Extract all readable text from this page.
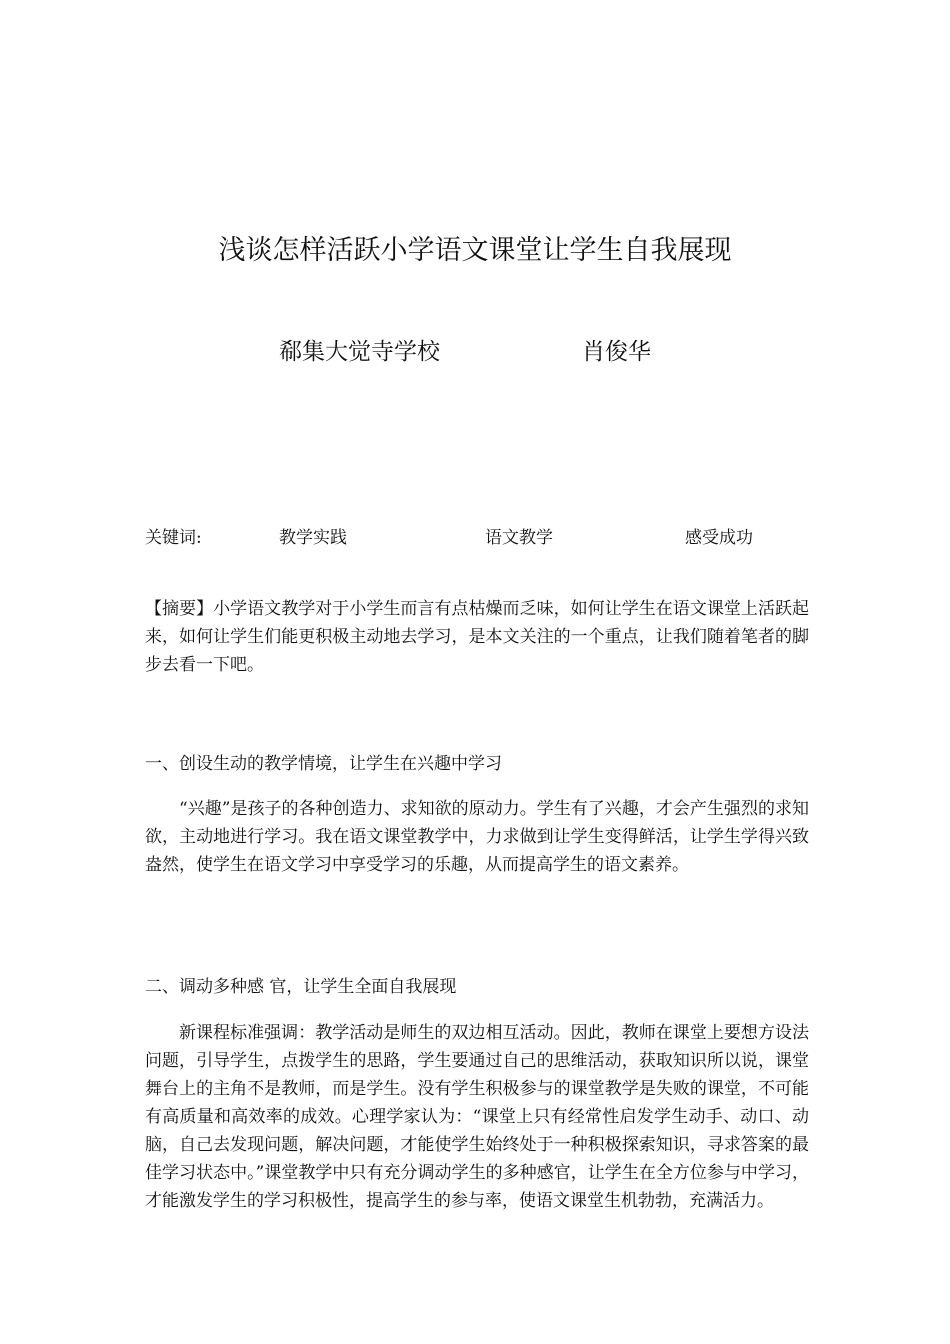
浅谈怎样活跃小学语文课堂让学生自我展现
郗集大觉寺学校	肖俊华
关键词:	教学实践	语文教学	感受成功

【摘要】小学语文教学对于小学生而言有点枯燥而乏味，如何让学生在语文课堂上活跃起来，如何让学生们能更积极主动地去学习，是本文关注的一个重点，让我们随着笔者的脚步去看一下吧。

一、创设生动的教学情境，让学生在兴趣中学习

“兴趣”是孩子的各种创造力、求知欲的原动力。学生有了兴趣，才会产生强烈的求知欲，主动地进行学习。我在语文课堂教学中，力求做到让学生变得鲜活，让学生学得兴致盎然，使学生在语文学习中享受学习的乐趣，从而提高学生的语文素养。

二、调动多种感 官，让学生全面自我展现

新课程标准强调：教学活动是师生的双边相互活动。因此，教师在课堂上要想方设法 问题，引导学生，点拨学生的思路，学生要通过自己的思维活动，获取知识所以说，课堂舞台上的主角不是教师，而是学生。没有学生积极参与的课堂教学是失败的课堂，不可能有高质量和高效率的成效。心理学家认为：“课堂上只有经常性启发学生动手、动口、动脑，自己去发现问题，解决问题，才能使学生始终处于一种积极探索知识，寻求答案的最佳学习状态中。”课堂教学中只有充分调动学生的多种感官，让学生在全方位参与中学习，才能激发学生的学习积极性，提高学生的参与率，使语文课堂生机勃勃，充满活力。
